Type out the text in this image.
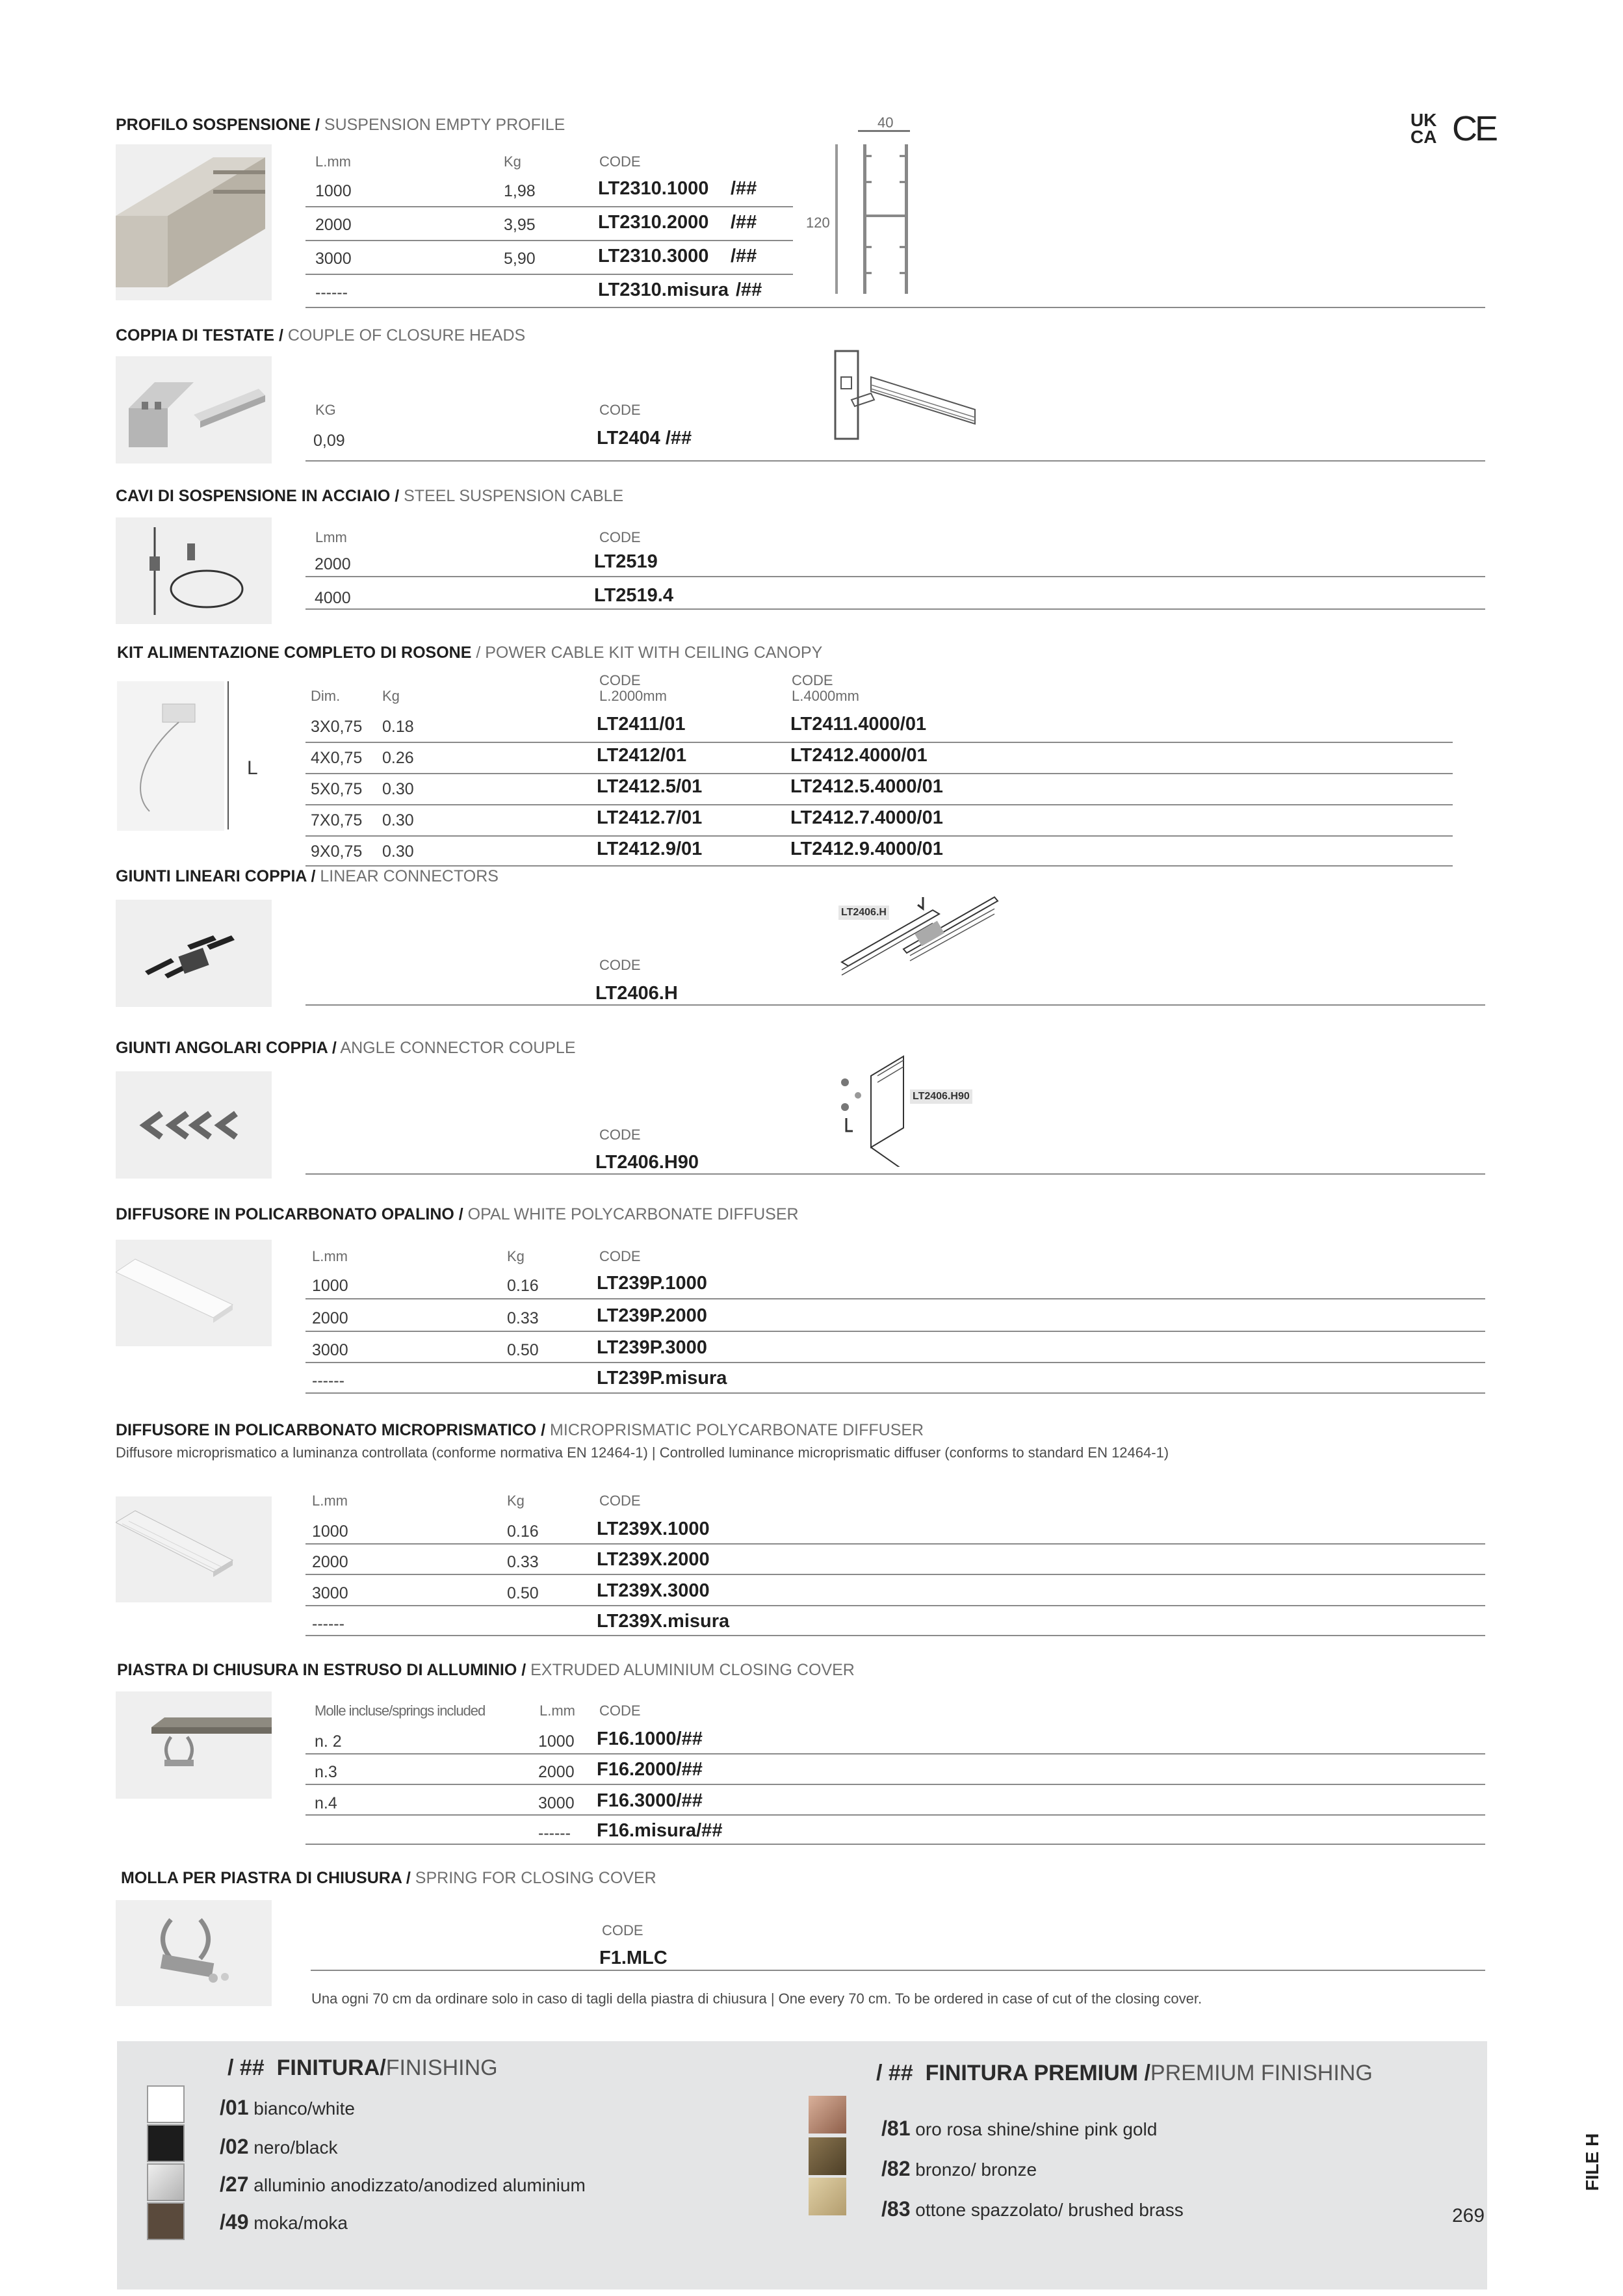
UK CA CE
PROFILO SOSPENSIONE / SUSPENSION EMPTY PROFILE
L.mm	Kg	CODE
1000	1,98	LT2310.1000 /##
2000	3,95	LT2310.2000 /##
3000	5,90	LT2310.3000 /##
------	LT2310.misura /##
40
120
COPPIA DI TESTATE / COUPLE OF CLOSURE HEADS
KG	CODE
0,09	LT2404 /##
CAVI DI SOSPENSIONE IN ACCIAIO / STEEL SUSPENSION CABLE
Lmm	CODE
2000	LT2519
4000	LT2519.4
KIT ALIMENTAZIONE COMPLETO DI ROSONE / POWER CABLE KIT WITH CEILING CANOPY
L
Dim.	Kg
CODE
L.2000mm
CODE
L.4000mm
3X0,75 0.18	LT2411/01	LT2411.4000/01
4X0,75 0.26	LT2412/01	LT2412.4000/01
5X0,75 0.30	LT2412.5/01	LT2412.5.4000/01
7X0,75 0.30	LT2412.7/01	LT2412.7.4000/01
9X0,75 0.30	LT2412.9/01	LT2412.9.4000/01
GIUNTI LINEARI COPPIA / LINEAR CONNECTORS
CODE
LT2406.H
LT2406.H
GIUNTI ANGOLARI COPPIA / ANGLE CONNECTOR COUPLE
CODE
LT2406.H90
LT2406.H90
DIFFUSORE IN POLICARBONATO OPALINO / OPAL WHITE POLYCARBONATE DIFFUSER
L.mm	Kg	CODE
1000	0.16	LT239P.1000
2000	0.33	LT239P.2000
3000	0.50	LT239P.3000
------	LT239P.misura
DIFFUSORE IN POLICARBONATO MICROPRISMATICO / MICROPRISMATIC POLYCARBONATE DIFFUSER
Diffusore microprismatico a luminanza controllata (conforme normativa EN 12464-1) | Controlled luminance microprismatic diffuser (conforms to standard EN 12464-1)
L.mm	Kg	CODE
1000	0.16	LT239X.1000
2000	0.33	LT239X.2000
3000	0.50	LT239X.3000
------	LT239X.misura
PIASTRA DI CHIUSURA IN ESTRUSO DI ALLUMINIO / EXTRUDED ALUMINIUM CLOSING COVER
Molle incluse/springs included	L.mm CODE
n. 2	1000 F16.1000/##
n.3	2000 F16.2000/##
n.4	3000 F16.3000/##
------ F16.misura/##
MOLLA PER PIASTRA DI CHIUSURA / SPRING FOR CLOSING COVER
CODE
F1.MLC
Una ogni 70 cm da ordinare solo in caso di tagli della piastra di chiusura | One every 70 cm. To be ordered in case of cut of the closing cover.
/ ## FINITURA/FINISHING
/01 bianco/white
/02 nero/black
/27 alluminio anodizzato/anodized aluminium
/49 moka/moka
/ ## FINITURA PREMIUM /PREMIUM FINISHING
/81 oro rosa shine/shine pink gold
/82 bronzo/ bronze
/83 ottone spazzolato/ brushed brass	269
FILE H
